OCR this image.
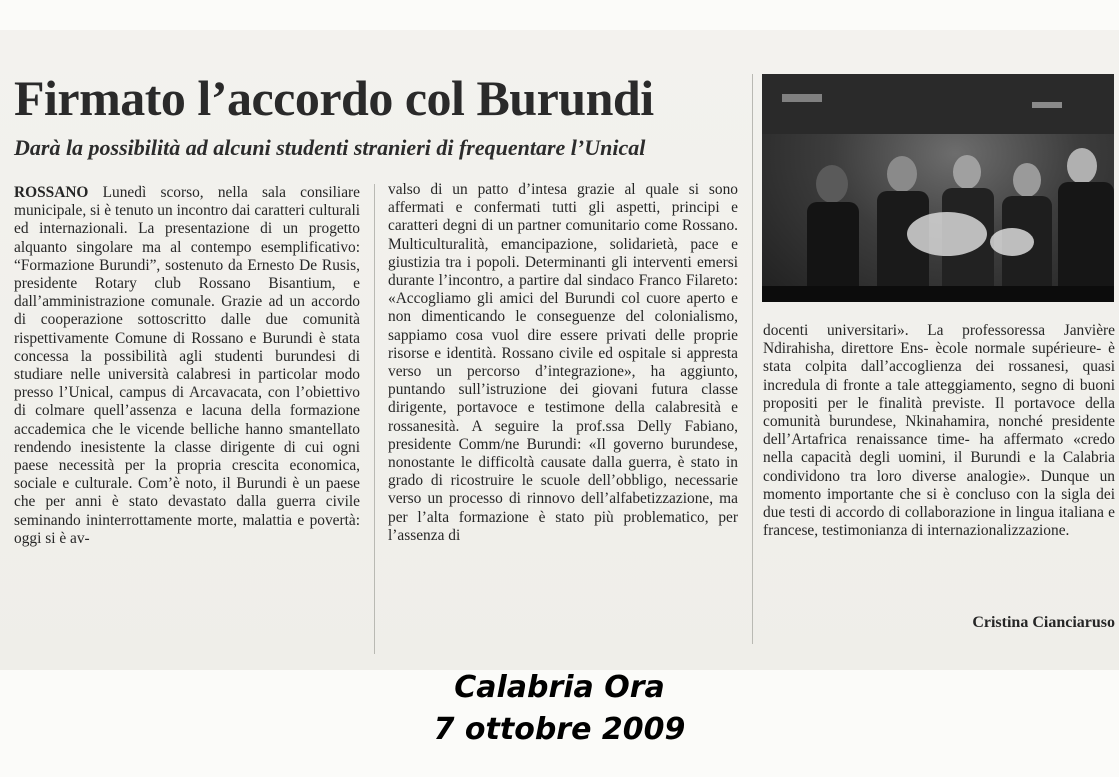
Firmato l’accordo col Burundi
Darà la possibilità ad alcuni studenti stranieri di frequentare l’Unical

ROSSANO Lunedì scorso, nella sala consiliare municipale, si è tenuto un incontro dai caratteri culturali ed internazionali. La presentazione di un progetto alquanto singolare ma al contempo esemplificativo: “Formazione Burundi”, sostenuto da Ernesto De Rusis, presidente Rotary club Rossano Bisantium, e dall’amministrazione comunale. Grazie ad un accordo di cooperazione sottoscritto dalle due comunità rispettivamente Comune di Rossano e Burundi è stata concessa la possibilità agli studenti burundesi di studiare nelle università calabresi in particolar modo presso l’Unical, campus di Arcavacata, con l’obiettivo di colmare quell’assenza e lacuna della formazione accademica che le vicende belliche hanno smantellato rendendo inesistente la classe dirigente di cui ogni paese necessità per la propria crescita economica, sociale e culturale. Com’è noto, il Burundi è un paese che per anni è stato devastato dalla guerra civile seminando ininterrottamente morte, malattia e povertà: oggi si è av-

valso di un patto d’intesa grazie al quale si sono affermati e confermati tutti gli aspetti, principi e caratteri degni di un partner comunitario come Rossano. Multiculturalità, emancipazione, solidarietà, pace e giustizia tra i popoli. Determinanti gli interventi emersi durante l’incontro, a partire dal sindaco Franco Filareto: «Accogliamo gli amici del Burundi col cuore aperto e non dimenticando le conseguenze del colonialismo, sappiamo cosa vuol dire essere privati delle proprie risorse e identità. Rossano civile ed ospitale si appresta verso un percorso d’integrazione», ha aggiunto, puntando sull’istruzione dei giovani futura classe dirigente, portavoce e testimone della calabresità e rossanesità. A seguire la prof.ssa Delly Fabiano, presidente Comm/ne Burundi: «Il governo burundese, nonostante le difficoltà causate dalla guerra, è stato in grado di ricostruire le scuole dell’obbligo, necessarie verso un processo di rinnovo dell’alfabetizzazione, ma per l’alta formazione è stato più problematico, per l’assenza di

docenti universitari». La professoressa Janvière Ndirahisha, direttore Ens- ècole normale supérieure- è stata colpita dall’accoglienza dei rossanesi, quasi incredula di fronte a tale atteggiamento, segno di buoni propositi per le finalità previste. Il portavoce della comunità burundese, Nkinahamira, nonché presidente dell’Artafrica renaissance time- ha affermato «credo nella capacità degli uomini, il Burundi e la Calabria condividono tra loro diverse analogie». Dunque un momento importante che si è concluso con la sigla dei due testi di accordo di collaborazione in lingua italiana e francese, testimonianza di internazionalizzazione.

Cristina Cianciaruso
Calabria Ora
7 ottobre 2009
